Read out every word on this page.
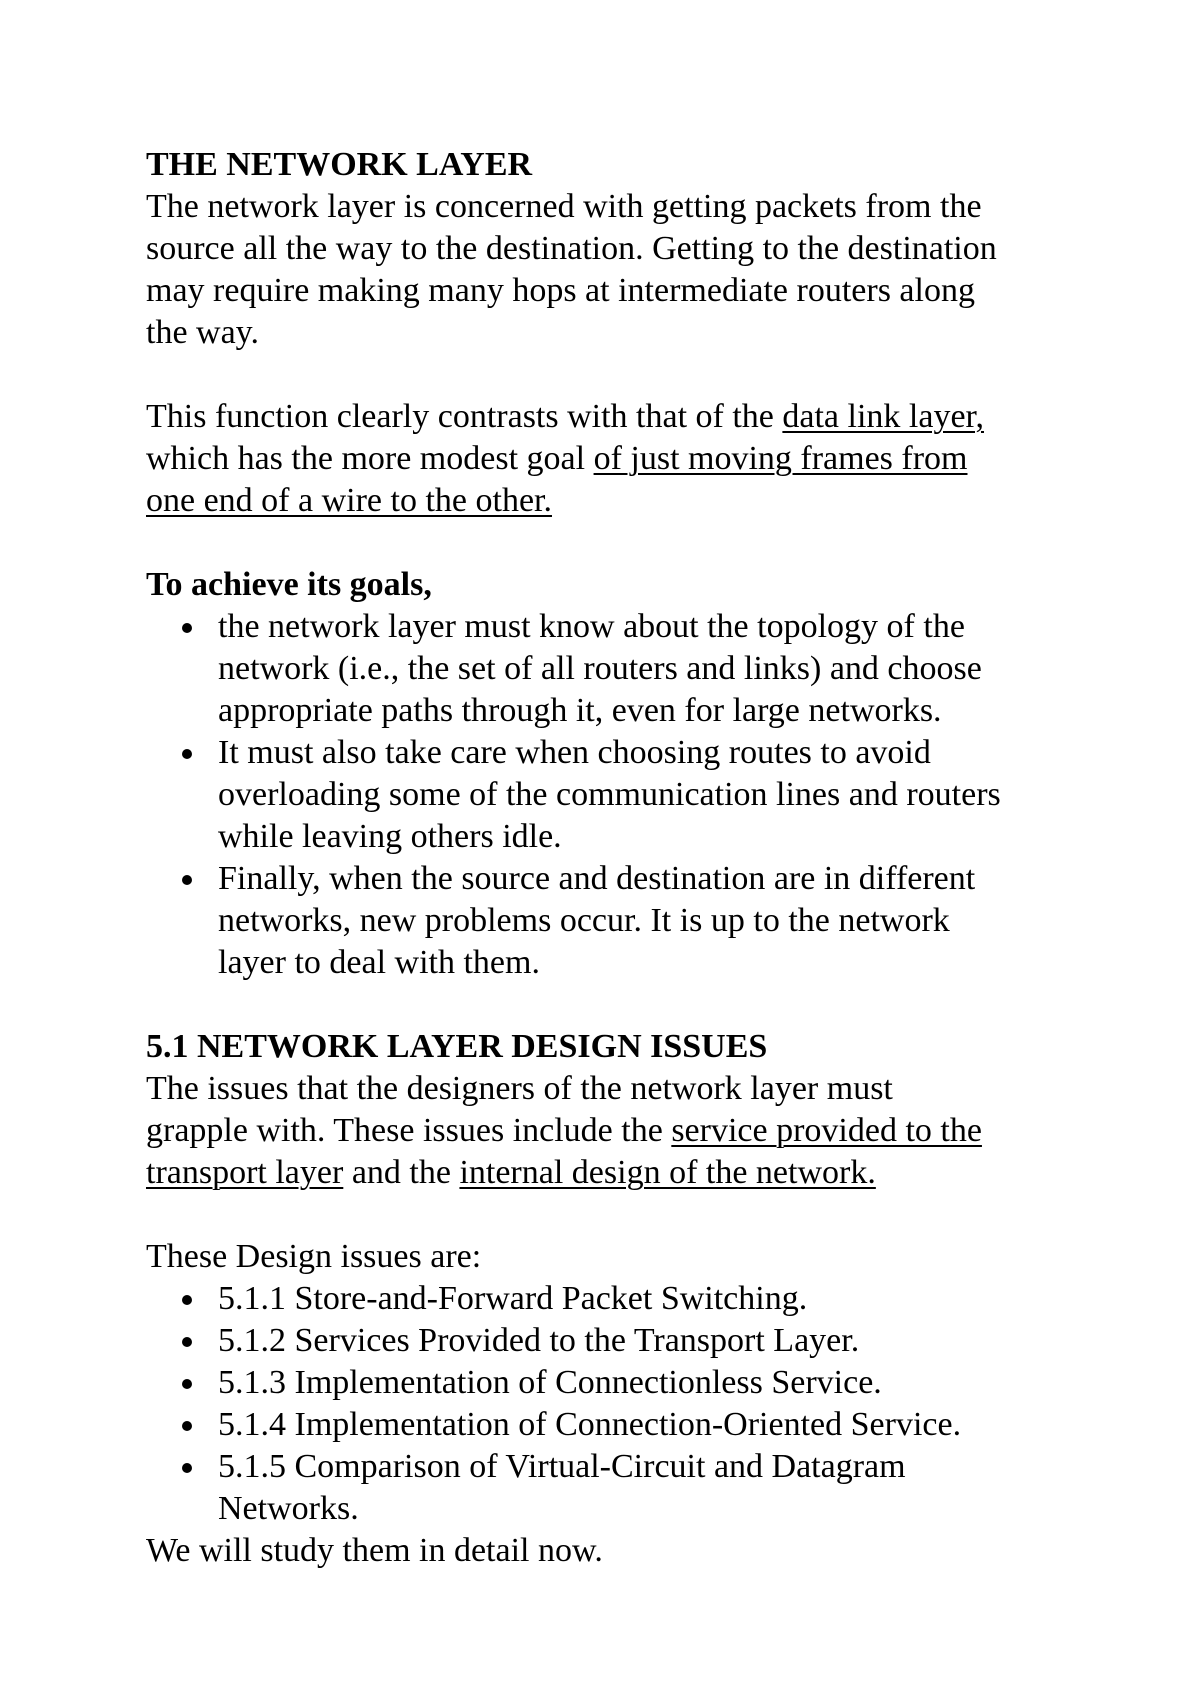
THE NETWORK LAYER
The network layer is concerned with getting packets from the
source all the way to the destination. Getting to the destination
may require making many hops at intermediate routers along
the way.
This function clearly contrasts with that of the data link layer,
which has the more modest goal of just moving frames from
one end of a wire to the other.
To achieve its goals,
the network layer must know about the topology of the
network (i.e., the set of all routers and links) and choose
appropriate paths through it, even for large networks.
It must also take care when choosing routes to avoid
overloading some of the communication lines and routers
while leaving others idle.
Finally, when the source and destination are in different
networks, new problems occur. It is up to the network
layer to deal with them.
5.1 NETWORK LAYER DESIGN ISSUES
The issues that the designers of the network layer must
grapple with. These issues include the service provided to the
transport layer and the internal design of the network.
These Design issues are:
5.1.1 Store-and-Forward Packet Switching.
5.1.2 Services Provided to the Transport Layer.
5.1.3 Implementation of Connectionless Service.
5.1.4 Implementation of Connection-Oriented Service.
5.1.5 Comparison of Virtual-Circuit and Datagram
Networks.
We will study them in detail now.
